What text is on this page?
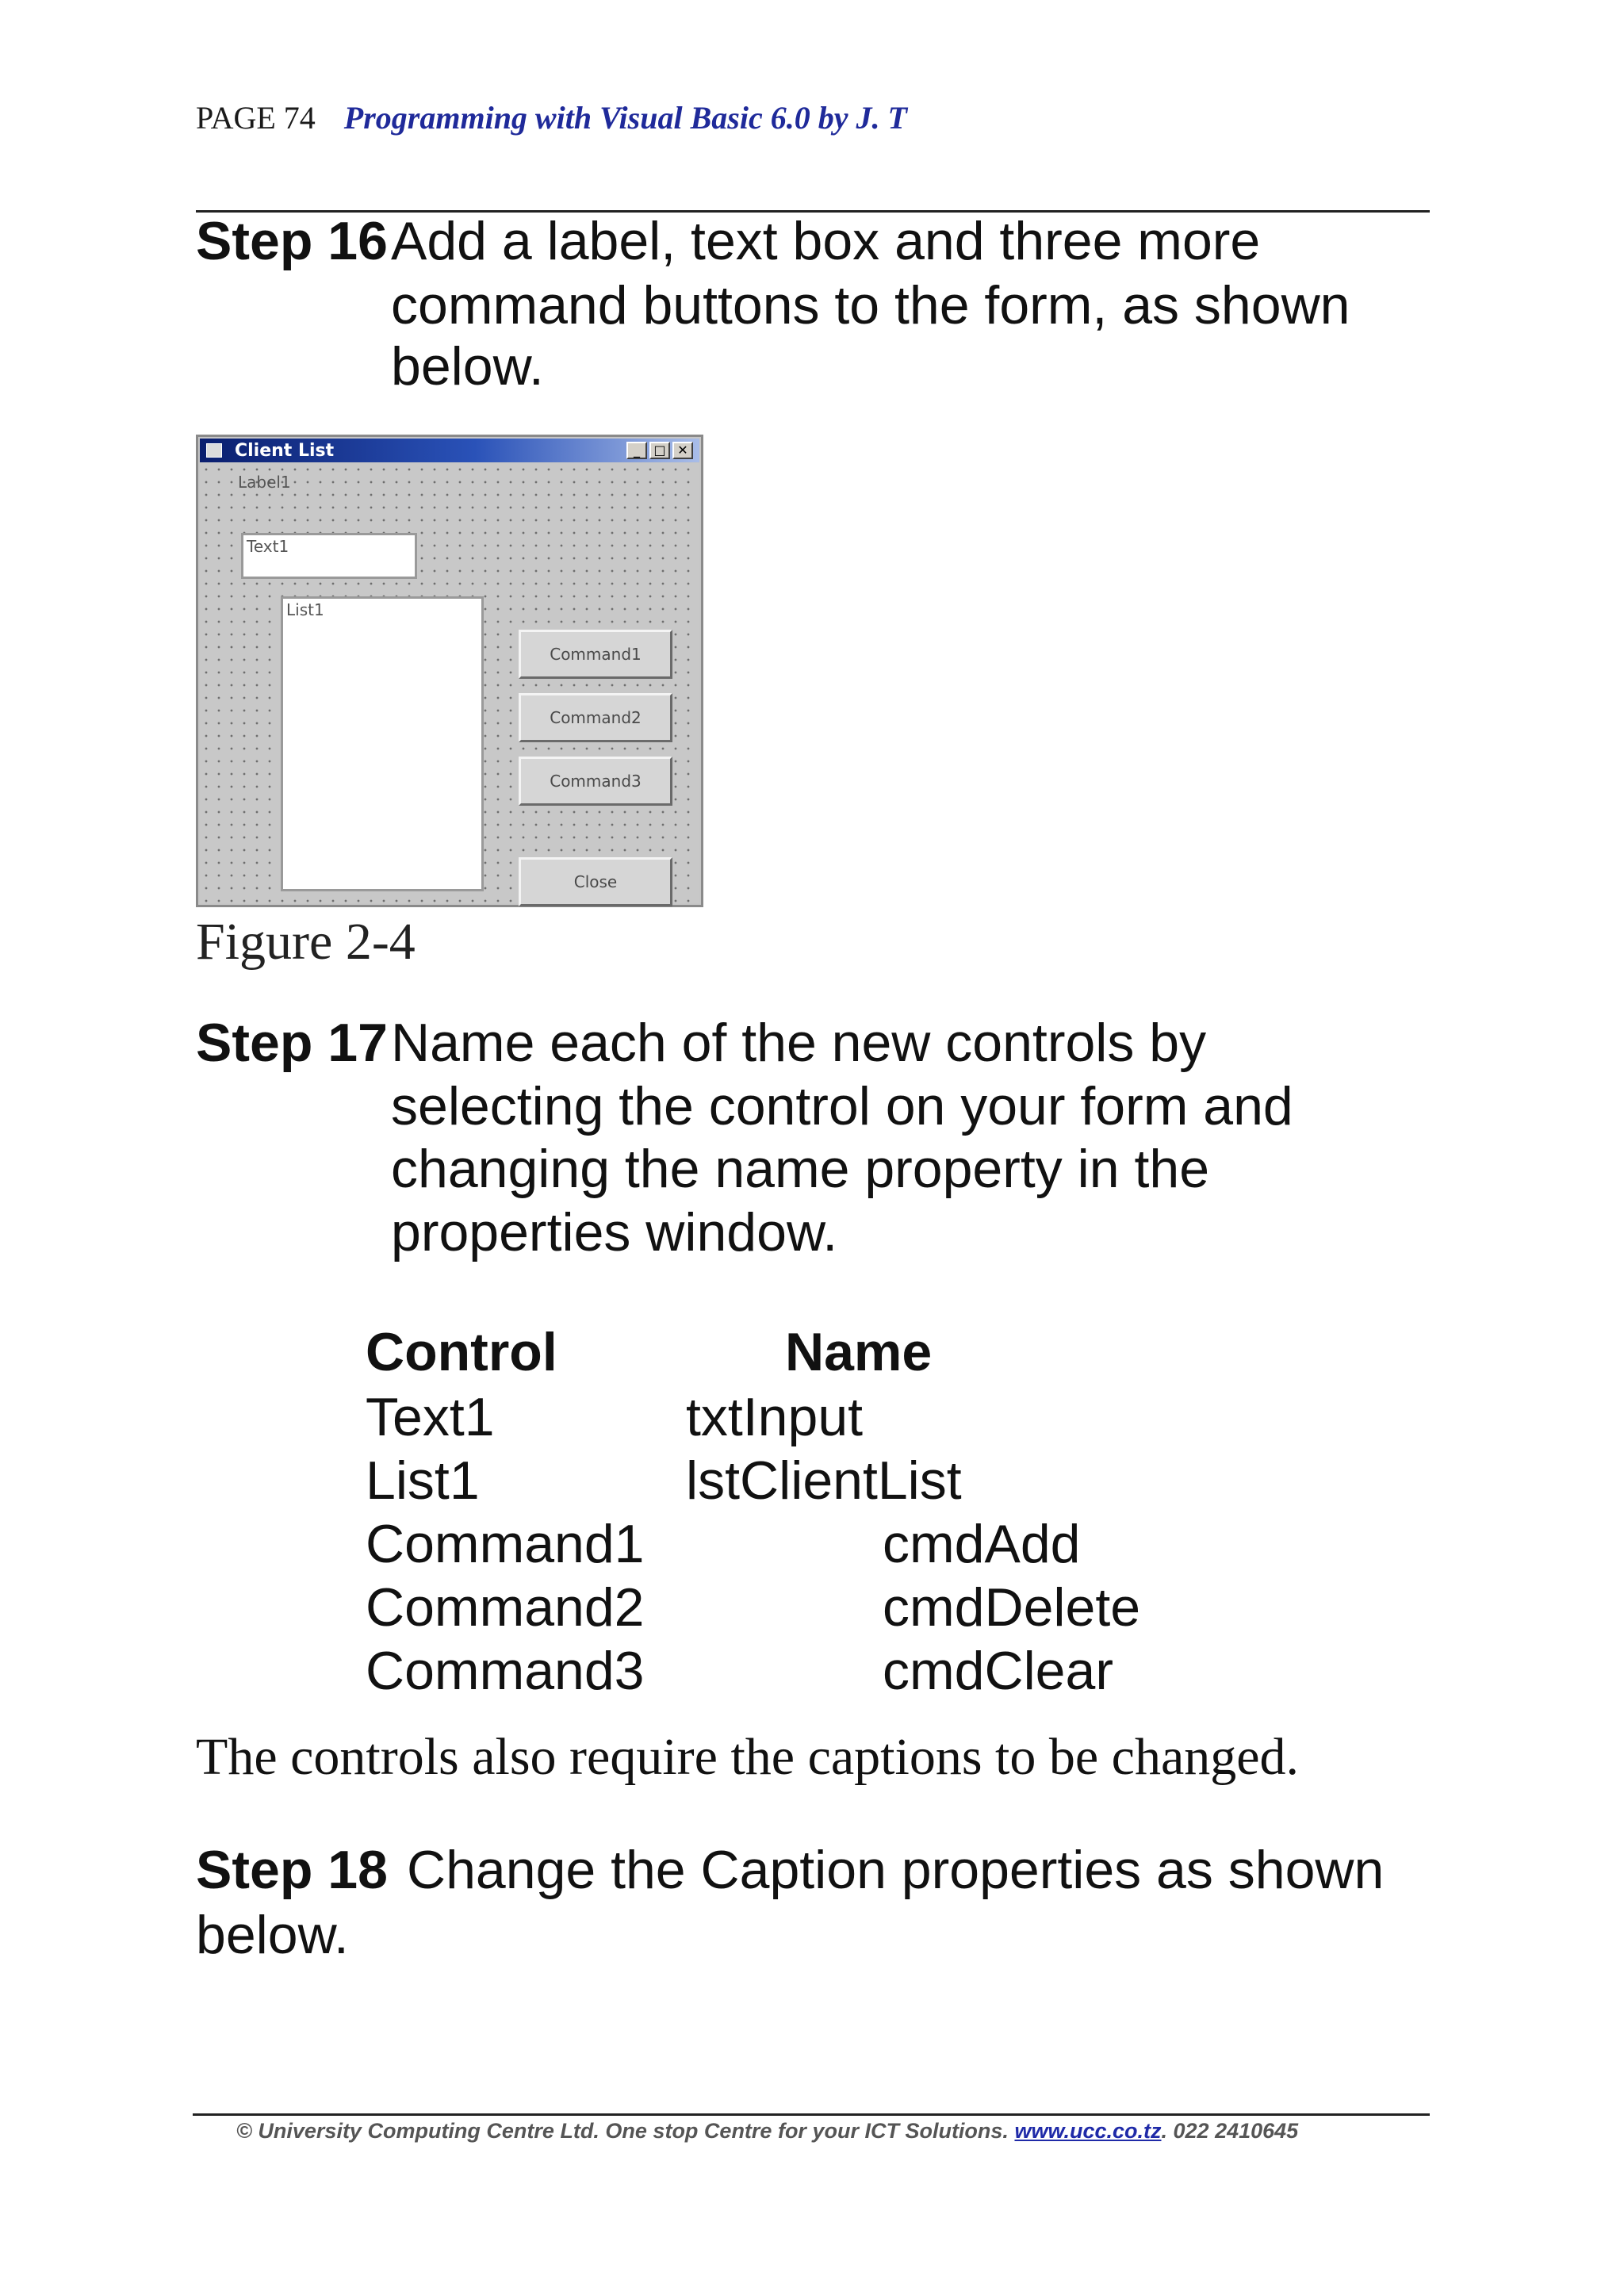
PAGE 74 Programming with Visual Basic 6.0 by J. T
Step 16 Add a label, text box and three more
command buttons to the form, as shown
below.
Client List	_	□ ✕
Label1
Text1
List1
Command1
Command2
Command3
Close
Figure 2-4
Step 17 Name each of the new controls by
selecting the control on your form and
changing the name property in the
properties window.
Control	Name
Text1	txtInput
List1	lstClientList
Command1	cmdAdd
Command2	cmdDelete
Command3	cmdClear
The controls also require the captions to be changed.
Step 18 Change the Caption properties as shown
below.
© University Computing Centre Ltd. One stop Centre for your ICT Solutions. www.ucc.co.tz. 022 2410645
